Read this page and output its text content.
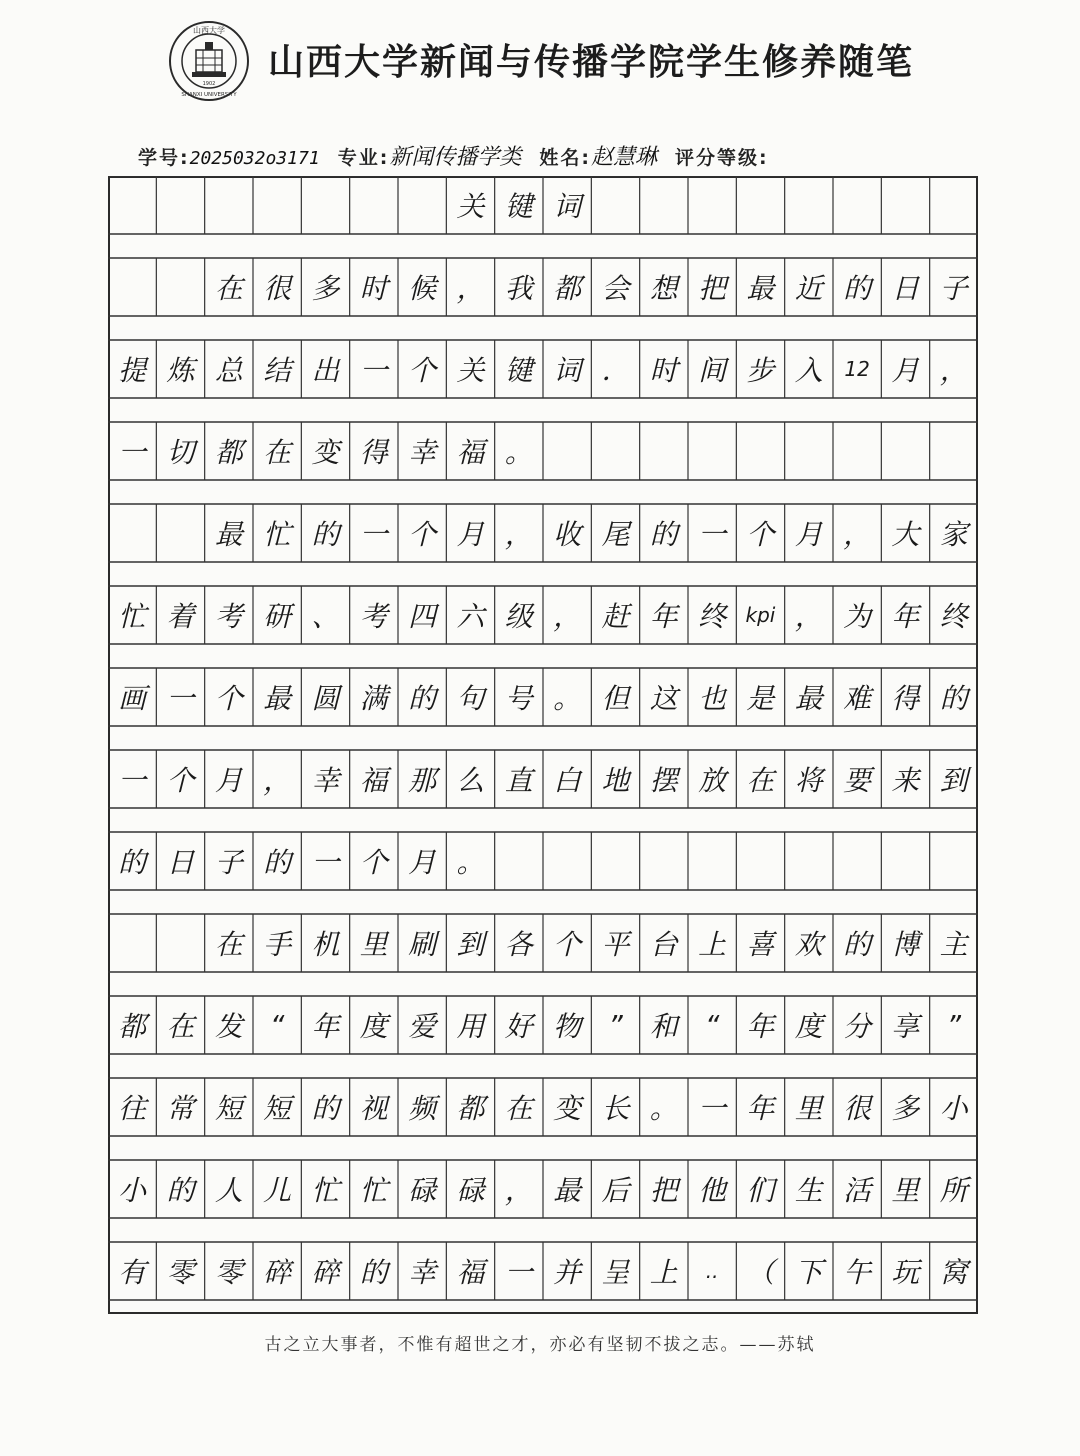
山西大学
SHANXI UNIVERSITY
1902
山西大学新闻与传播学院学生修养随笔
学号:2025032o3171 专业:新闻传播学类 姓名:赵慧琳 评分等级:
关 键 词
在 很 多 时 候 ， 我 都 会 想 把 最 近 的 日 子
提 炼 总 结 出 一 个 关 键 词 ． 时 间 步 入	12 月 ，
一 切 都 在 变 得 幸 福 。
最 忙 的 一 个 月 ， 收 尾 的 一 个 月 ， 大 家
忙 着 考 研 、 考 四 六 级 ， 赶 年 终 kpi ， 为 年 终
画 一 个 最 圆 满 的 句 号 。 但 这 也 是 最 难 得 的
一 个 月 ， 幸 福 那 么 直 白 地 摆 放 在 将 要 来 到
的 日 子 的 一 个 月 。
在 手 机 里 刷 到 各 个 平 台 上 喜 欢 的 博 主
都 在 发 “ 年 度 爱 用 好 物 ” 和 “ 年 度 分 享 ”
往 常 短 短 的 视 频 都 在 变 长 。 一 年 里 很 多 小
小 的 人 儿 忙 忙 碌 碌 ， 最 后 把 他 们 生 活 里 所
有 零 零 碎 碎 的 幸 福 一 并 呈 上	.. （ 下 午 玩 窝
古之立大事者，不惟有超世之才，亦必有坚韧不拔之志。——苏轼
